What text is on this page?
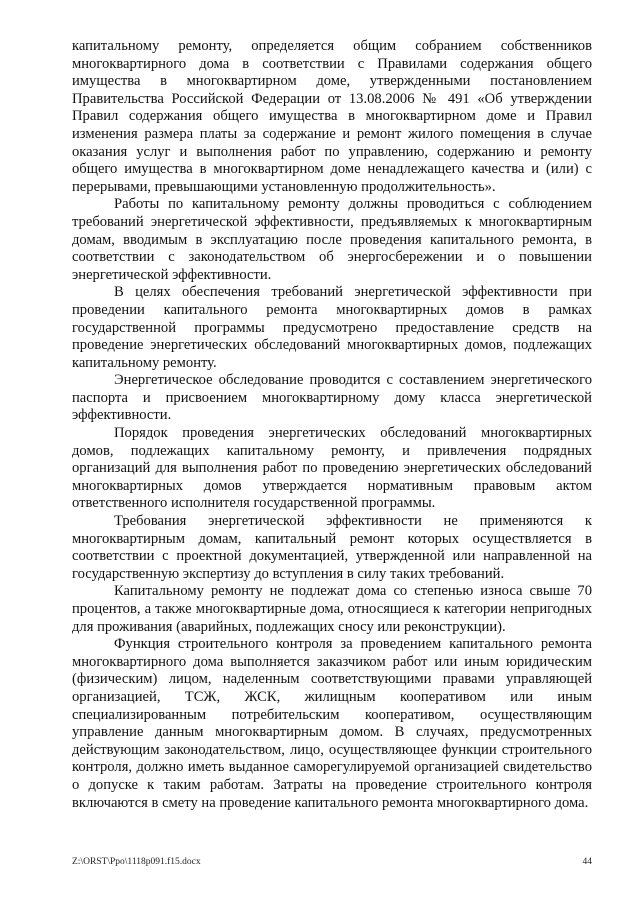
капитальному ремонту, определяется общим собранием собственников многоквартирного дома в соответствии с Правилами содержания общего имущества в многоквартирном доме, утвержденными постановлением Правительства Российской Федерации от 13.08.2006 № 491 «Об утверждении Правил содержания общего имущества в многоквартирном доме и Правил изменения размера платы за содержание и ремонт жилого помещения в случае оказания услуг и выполнения работ по управлению, содержанию и ремонту общего имущества в многоквартирном доме ненадлежащего качества и (или) с перерывами, превышающими установленную продолжительность».

Работы по капитальному ремонту должны проводиться с соблюдением требований энергетической эффективности, предъявляемых к многоквартирным домам, вводимым в эксплуатацию после проведения капитального ремонта, в соответствии с законодательством об энергосбережении и о повышении энергетической эффективности.

В целях обеспечения требований энергетической эффективности при проведении капитального ремонта многоквартирных домов в рамках государственной программы предусмотрено предоставление средств на проведение энергетических обследований многоквартирных домов, подлежащих капитальному ремонту.

Энергетическое обследование проводится с составлением энергетического паспорта и присвоением многоквартирному дому класса энергетической эффективности.

Порядок проведения энергетических обследований многоквартирных домов, подлежащих капитальному ремонту, и привлечения подрядных организаций для выполнения работ по проведению энергетических обследований многоквартирных домов утверждается нормативным правовым актом ответственного исполнителя государственной программы.

Требования энергетической эффективности не применяются к многоквартирным домам, капитальный ремонт которых осуществляется в соответствии с проектной документацией, утвержденной или направленной на государственную экспертизу до вступления в силу таких требований.

Капитальному ремонту не подлежат дома со степенью износа свыше 70 процентов, а также многоквартирные дома, относящиеся к категории непригодных для проживания (аварийных, подлежащих сносу или реконструкции).

Функция строительного контроля за проведением капитального ремонта многоквартирного дома выполняется заказчиком работ или иным юридическим (физическим) лицом, наделенным соответствующими правами управляющей организацией, ТСЖ, ЖСК, жилищным кооперативом или иным специализированным потребительским кооперативом, осуществляющим управление данным многоквартирным домом. В случаях, предусмотренных действующим законодательством, лицо, осуществляющее функции строительного контроля, должно иметь выданное саморегулируемой организацией свидетельство о допуске к таким работам. Затраты на проведение строительного контроля включаются в смету на проведение капитального ремонта многоквартирного дома.

Z:\ORST\Ppo\1118p091.f15.docx	44
